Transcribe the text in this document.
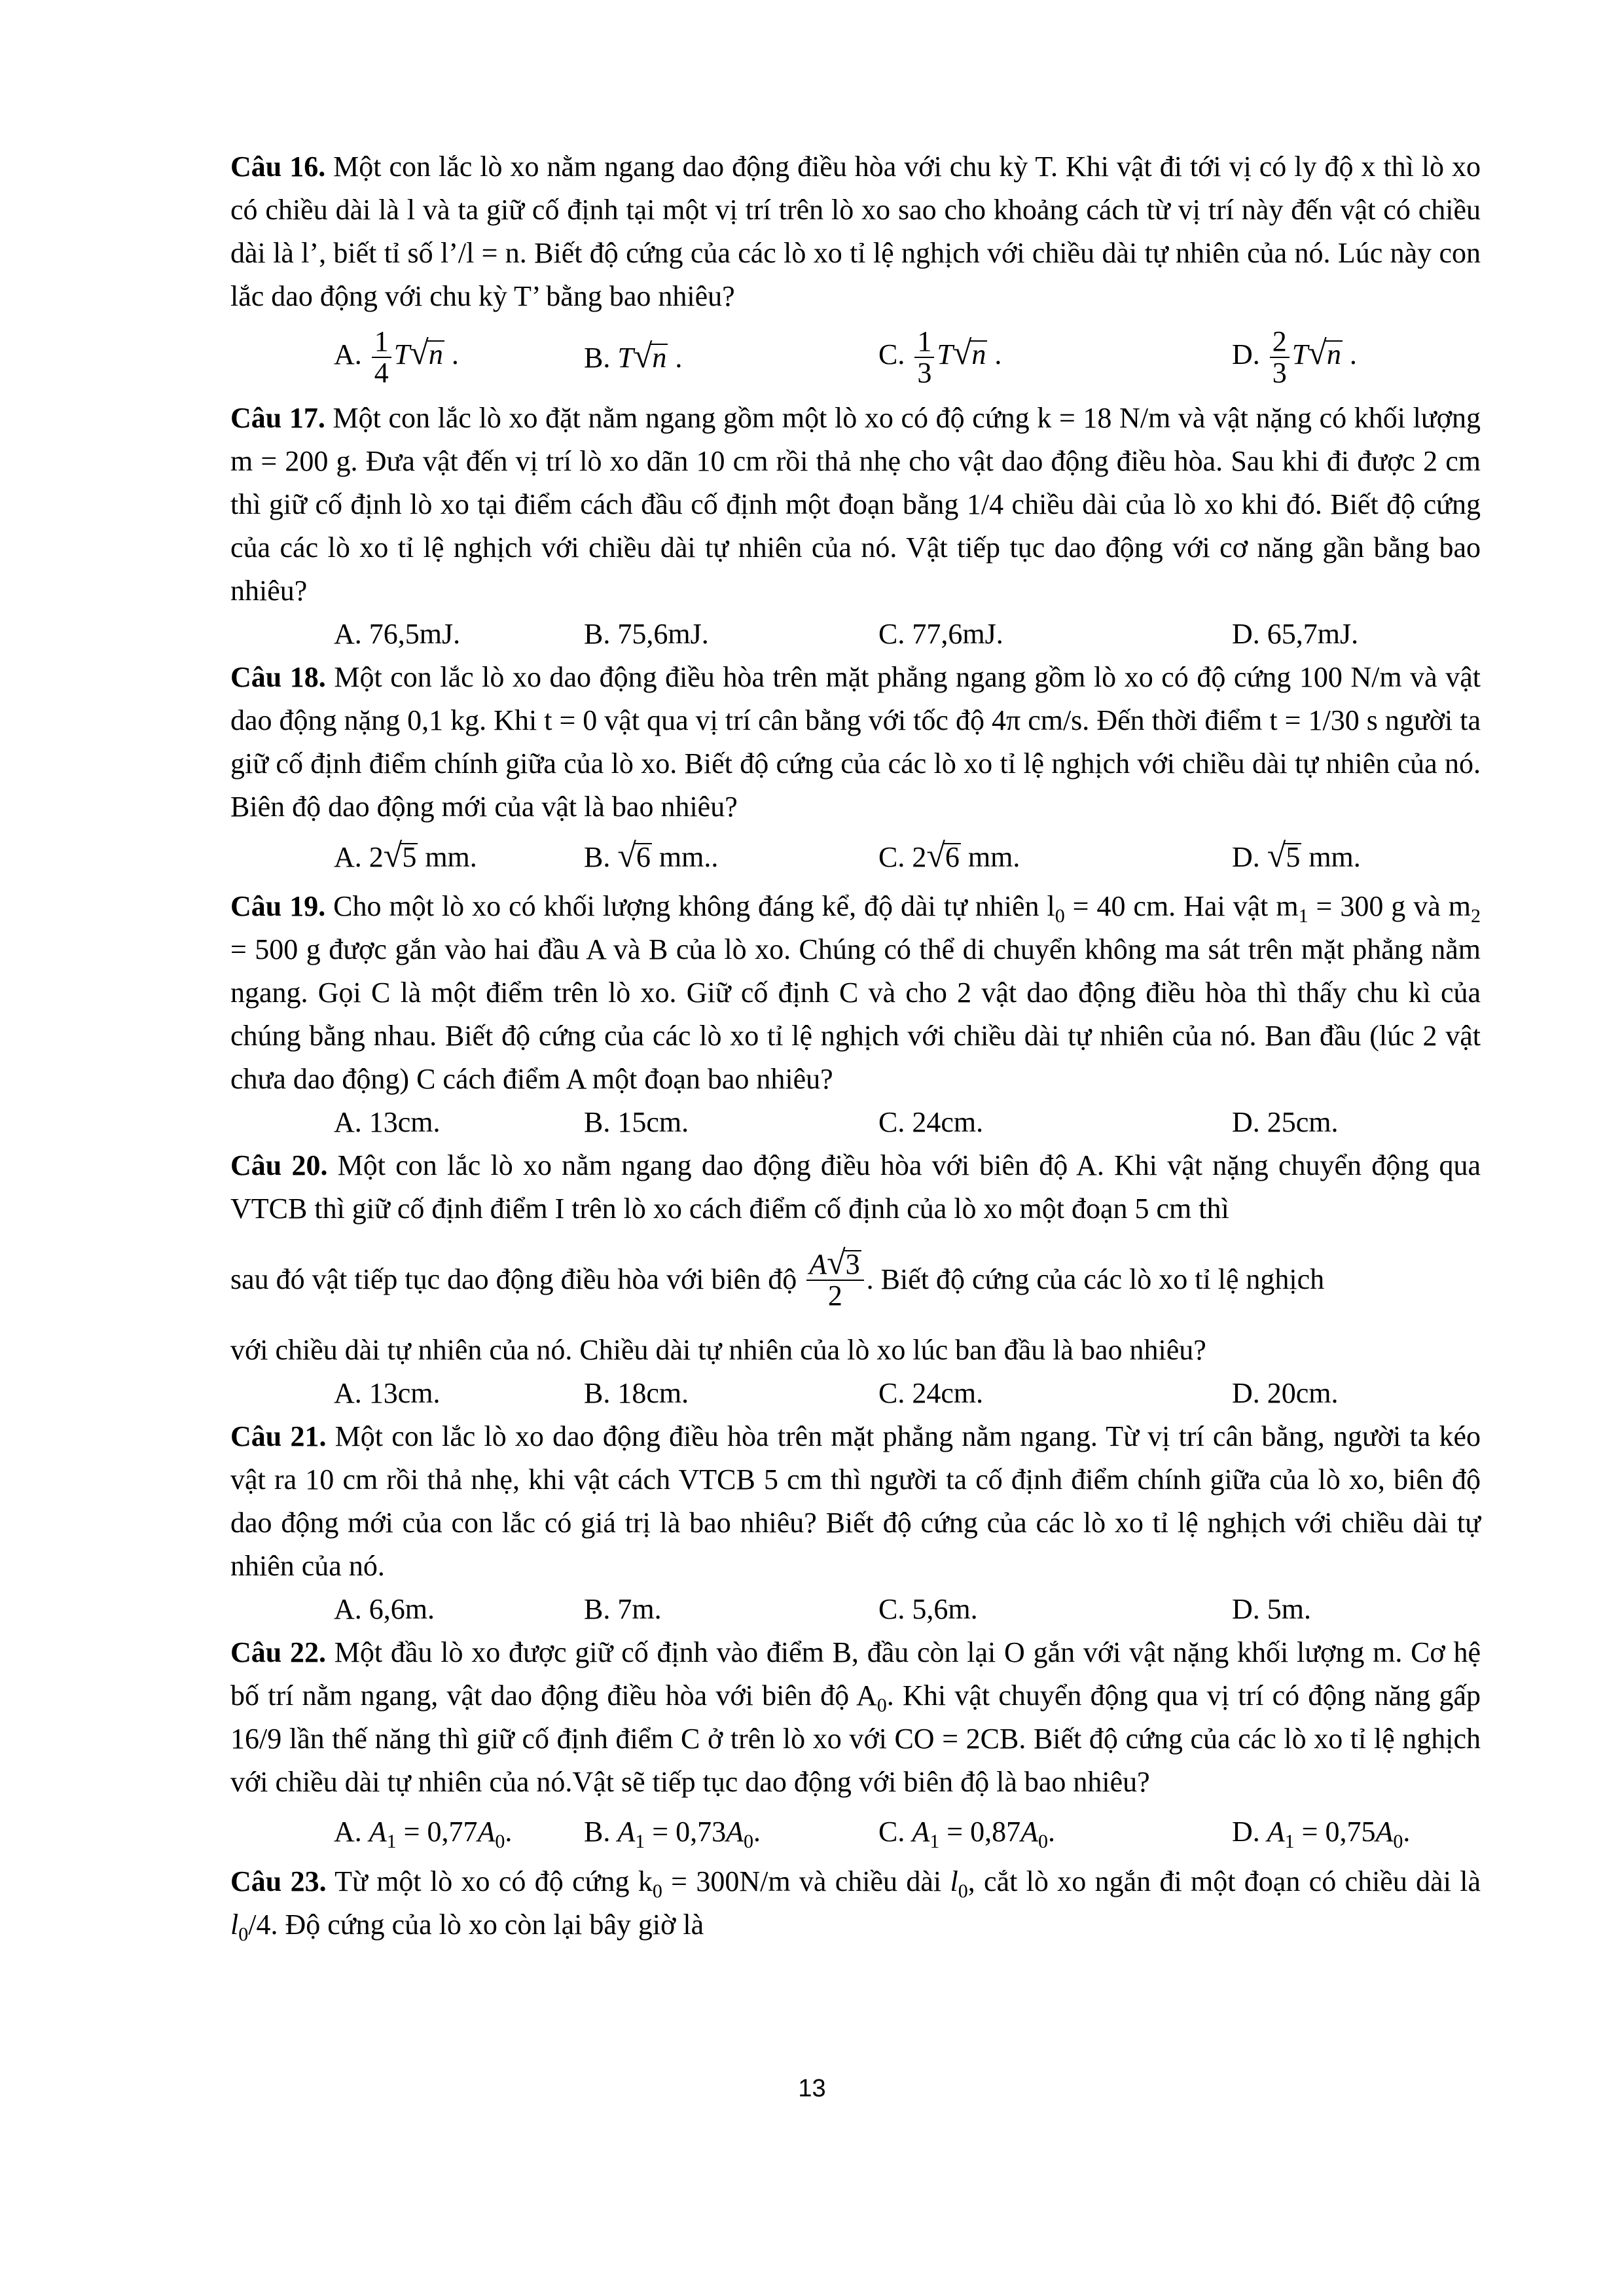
Câu 16. Một con lắc lò xo nằm ngang dao động điều hòa với chu kỳ T. Khi vật đi tới vị có ly độ x thì lò xo có chiều dài là l và ta giữ cố định tại một vị trí trên lò xo sao cho khoảng cách từ vị trí này đến vật có chiều dài là l’, biết tỉ số l’/l = n. Biết độ cứng của các lò xo tỉ lệ nghịch với chiều dài tự nhiên của nó. Lúc này con lắc dao động với chu kỳ T’ bằng bao nhiêu?

A. $\frac{1}{4} T√n$ .	B. T√n .	C. $\frac{1}{3} T√n$ .	D. $\frac{2}{3} T√n$ .

Câu 17. Một con lắc lò xo đặt nằm ngang gồm một lò xo có độ cứng k = 18 N/m và vật nặng có khối lượng m = 200 g. Đưa vật đến vị trí lò xo dãn 10 cm rồi thả nhẹ cho vật dao động điều hòa. Sau khi đi được 2 cm thì giữ cố định lò xo tại điểm cách đầu cố định một đoạn bằng 1/4 chiều dài của lò xo khi đó. Biết độ cứng của các lò xo tỉ lệ nghịch với chiều dài tự nhiên của nó. Vật tiếp tục dao động với cơ năng gần bằng bao nhiêu?

A. 76,5mJ.	B. 75,6mJ.	C. 77,6mJ.	D. 65,7mJ.

Câu 18. Một con lắc lò xo dao động điều hòa trên mặt phẳng ngang gồm lò xo có độ cứng 100 N/m và vật dao động nặng 0,1 kg. Khi t = 0 vật qua vị trí cân bằng với tốc độ 4π cm/s. Đến thời điểm t = 1/30 s người ta giữ cố định điểm chính giữa của lò xo. Biết độ cứng của các lò xo tỉ lệ nghịch với chiều dài tự nhiên của nó. Biên độ dao động mới của vật là bao nhiêu?

A. 2√5 mm.	B. √6 mm..	C. 2√6 mm.	D. √5 mm.

Câu 19. Cho một lò xo có khối lượng không đáng kể, độ dài tự nhiên $l_0 = 40$ cm. Hai vật $m_1 = 300$ g và $m_2 = 500$ g được gắn vào hai đầu A và B của lò xo. Chúng có thể di chuyển không ma sát trên mặt phẳng nằm ngang. Gọi C là một điểm trên lò xo. Giữ cố định C và cho 2 vật dao động điều hòa thì thấy chu kì của chúng bằng nhau. Biết độ cứng của các lò xo tỉ lệ nghịch với chiều dài tự nhiên của nó. Ban đầu (lúc 2 vật chưa dao động) C cách điểm A một đoạn bao nhiêu?

A. 13cm.	B. 15cm.	C. 24cm.	D. 25cm.

Câu 20. Một con lắc lò xo nằm ngang dao động điều hòa với biên độ A. Khi vật nặng chuyển động qua VTCB thì giữ cố định điểm I trên lò xo cách điểm cố định của lò xo một đoạn 5 cm thì

sau đó vật tiếp tục dao động điều hòa với biên độ $\frac{A√3}{2}$ . Biết độ cứng của các lò xo tỉ lệ nghịch

với chiều dài tự nhiên của nó. Chiều dài tự nhiên của lò xo lúc ban đầu là bao nhiêu?

A. 13cm.	B. 18cm.	C. 24cm.	D. 20cm.

Câu 21. Một con lắc lò xo dao động điều hòa trên mặt phẳng nằm ngang. Từ vị trí cân bằng, người ta kéo vật ra 10 cm rồi thả nhẹ, khi vật cách VTCB 5 cm thì người ta cố định điểm chính giữa của lò xo, biên độ dao động mới của con lắc có giá trị là bao nhiêu? Biết độ cứng của các lò xo tỉ lệ nghịch với chiều dài tự nhiên của nó.

A. 6,6m.	B. 7m.	C. 5,6m.	D. 5m.

Câu 22. Một đầu lò xo được giữ cố định vào điểm B, đầu còn lại O gắn với vật nặng khối lượng m. Cơ hệ bố trí nằm ngang, vật dao động điều hòa với biên độ $A_0$. Khi vật chuyển động qua vị trí có động năng gấp 16/9 lần thế năng thì giữ cố định điểm C ở trên lò xo với CO = 2CB. Biết độ cứng của các lò xo tỉ lệ nghịch với chiều dài tự nhiên của nó.Vật sẽ tiếp tục dao động với biên độ là bao nhiêu?

A. $A_1 = 0,77A_0$.	B. $A_1 = 0,73A_0$.	C. $A_1 = 0,87A_0$.	D. $A_1 = 0,75A_0$.

Câu 23. Từ một lò xo có độ cứng $k_0 = 300N/m$ và chiều dài $l_0$, cắt lò xo ngắn đi một đoạn có chiều dài là $l_0/4$. Độ cứng của lò xo còn lại bây giờ là

13
